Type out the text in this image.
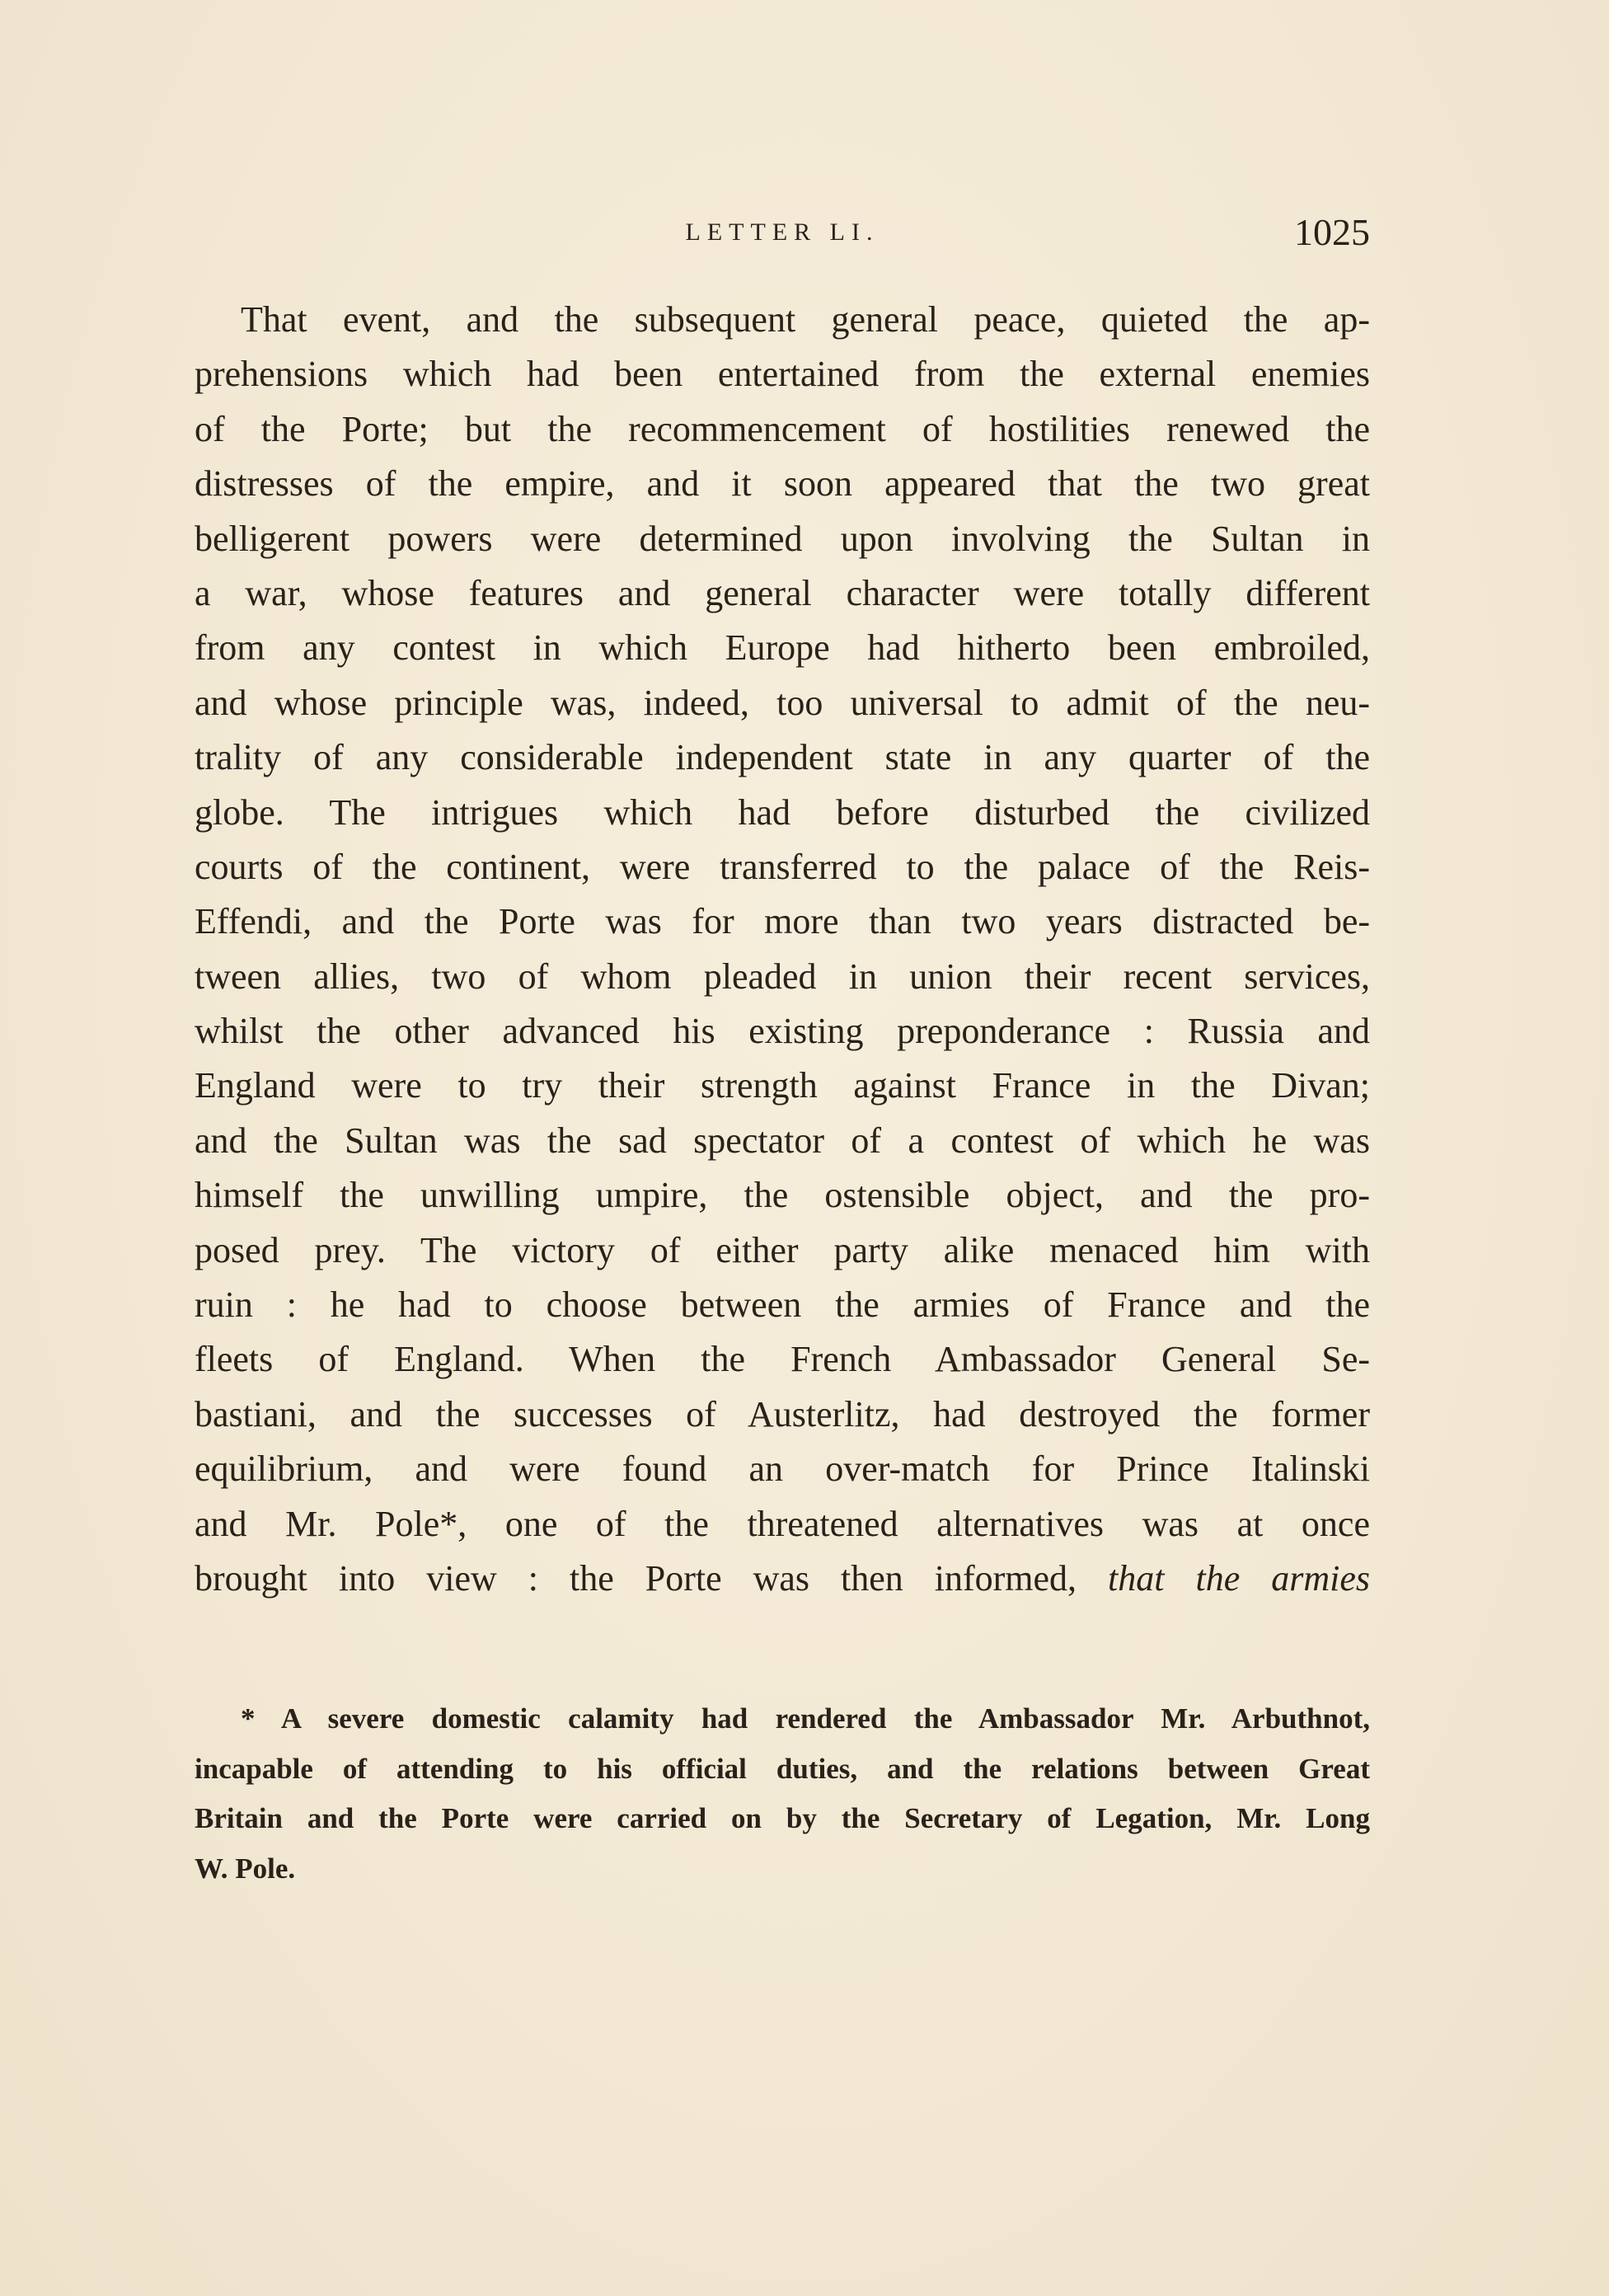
LETTER LI.	1025
That event, and the subsequent general peace, quieted the ap-
prehensions which had been entertained from the external enemies
of the Porte; but the recommencement of hostilities renewed the
distresses of the empire, and it soon appeared that the two great
belligerent powers were determined upon involving the Sultan in
a war, whose features and general character were totally different
from any contest in which Europe had hitherto been embroiled,
and whose principle was, indeed, too universal to admit of the neu-
trality of any considerable independent state in any quarter of the
globe. The intrigues which had before disturbed the civilized
courts of the continent, were transferred to the palace of the Reis-
Effendi, and the Porte was for more than two years distracted be-
tween allies, two of whom pleaded in union their recent services,
whilst the other advanced his existing preponderance : Russia and
England were to try their strength against France in the Divan;
and the Sultan was the sad spectator of a contest of which he was
himself the unwilling umpire, the ostensible object, and the pro-
posed prey. The victory of either party alike menaced him with
ruin : he had to choose between the armies of France and the
fleets of England. When the French Ambassador General Se-
bastiani, and the successes of Austerlitz, had destroyed the former
equilibrium, and were found an over-match for Prince Italinski
and Mr. Pole*, one of the threatened alternatives was at once
brought into view : the Porte was then informed, that the armies
* A severe domestic calamity had rendered the Ambassador Mr. Arbuthnot,
incapable of attending to his official duties, and the relations between Great
Britain and the Porte were carried on by the Secretary of Legation, Mr. Long
W. Pole.
